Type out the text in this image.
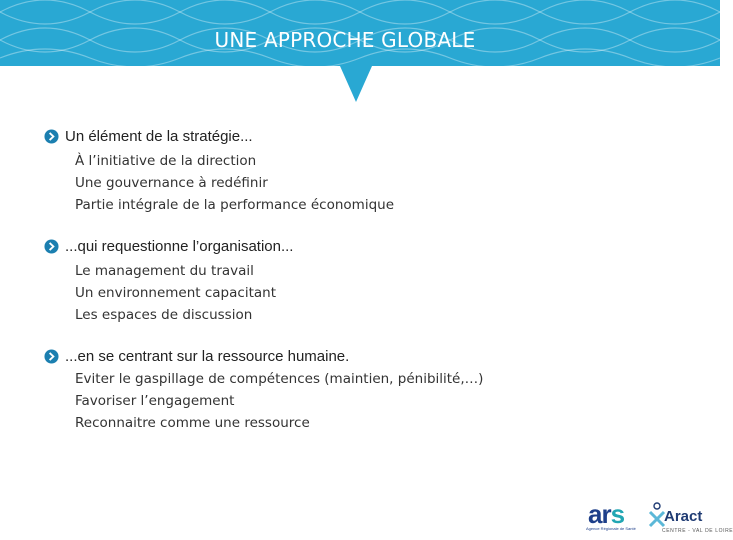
UNE APPROCHE GLOBALE
Un élément de la stratégie...
À l’initiative de la direction
Une gouvernance à redéfinir
Partie intégrale de la performance économique
...qui requestionne l’organisation...
Le management du travail
Un environnement capacitant
Les espaces de discussion
...en se centrant sur la ressource humaine.
Eviter le gaspillage de compétences (maintien, pénibilité,…)
Favoriser l’engagement
Reconnaitre comme une ressource
ars
Agence Régionale de Santé
Aract
CENTRE - VAL DE LOIRE
